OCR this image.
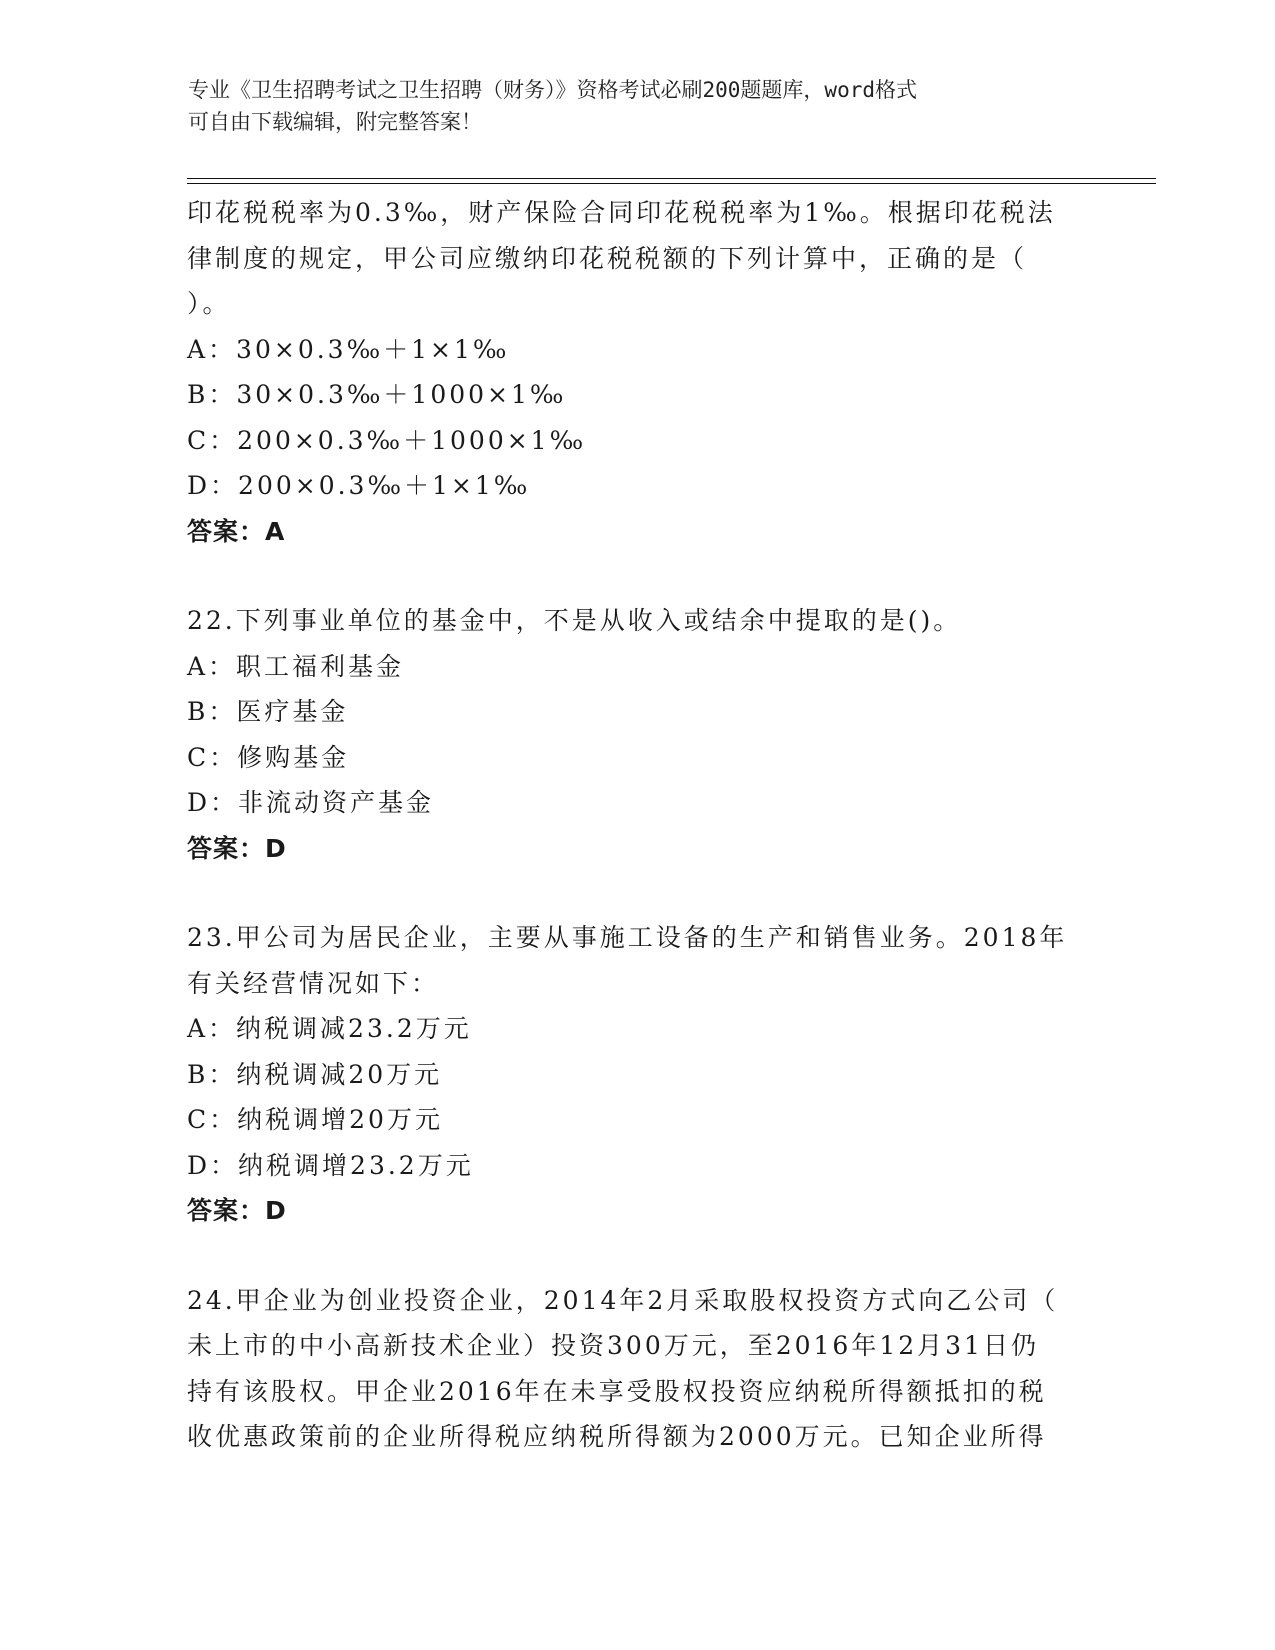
专业《卫生招聘考试之卫生招聘（财务）》资格考试必刷200题题库，word格式
可自由下载编辑，附完整答案！
印花税税率为0.3‰，财产保险合同印花税税率为1‰。根据印花税法
律制度的规定，甲公司应缴纳印花税税额的下列计算中，正确的是（
）。
A：30×0.3‰＋1×1‰
B：30×0.3‰＋1000×1‰
C：200×0.3‰＋1000×1‰
D：200×0.3‰＋1×1‰
答案：A
22.下列事业单位的基金中，不是从收入或结余中提取的是()。
A：职工福利基金
B：医疗基金
C：修购基金
D：非流动资产基金
答案：D
23.甲公司为居民企业，主要从事施工设备的生产和销售业务。2018年
有关经营情况如下：
A：纳税调减23.2万元
B：纳税调减20万元
C：纳税调增20万元
D：纳税调增23.2万元
答案：D
24.甲企业为创业投资企业，2014年2月采取股权投资方式向乙公司（
未上市的中小高新技术企业）投资300万元，至2016年12月31日仍
持有该股权。甲企业2016年在未享受股权投资应纳税所得额抵扣的税
收优惠政策前的企业所得税应纳税所得额为2000万元。已知企业所得
